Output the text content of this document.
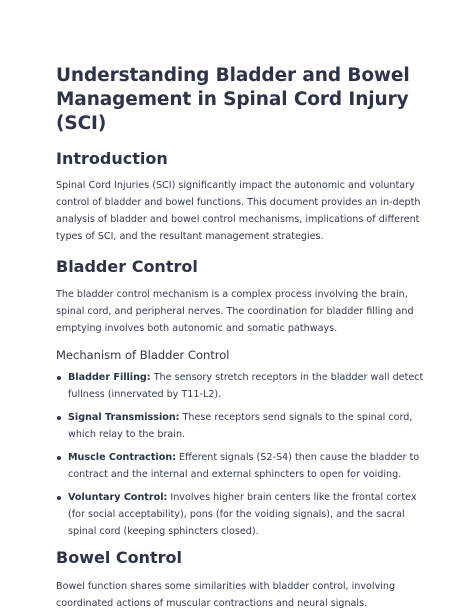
Understanding Bladder and Bowel Management in Spinal Cord Injury (SCI)
Introduction

Spinal Cord Injuries (SCI) significantly impact the autonomic and voluntary control of bladder and bowel functions. This document provides an in-depth analysis of bladder and bowel control mechanisms, implications of different types of SCI, and the resultant management strategies.

Bladder Control

The bladder control mechanism is a complex process involving the brain, spinal cord, and peripheral nerves. The coordination for bladder filling and emptying involves both autonomic and somatic pathways.

Mechanism of Bladder Control
Bladder Filling: The sensory stretch receptors in the bladder wall detect fullness (innervated by T11-L2).
Signal Transmission: These receptors send signals to the spinal cord, which relay to the brain.
Muscle Contraction: Efferent signals (S2-S4) then cause the bladder to contract and the internal and external sphincters to open for voiding.
Voluntary Control: Involves higher brain centers like the frontal cortex (for social acceptability), pons (for the voiding signals), and the sacral spinal cord (keeping sphincters closed).
Bowel Control

Bowel function shares some similarities with bladder control, involving coordinated actions of muscular contractions and neural signals.
